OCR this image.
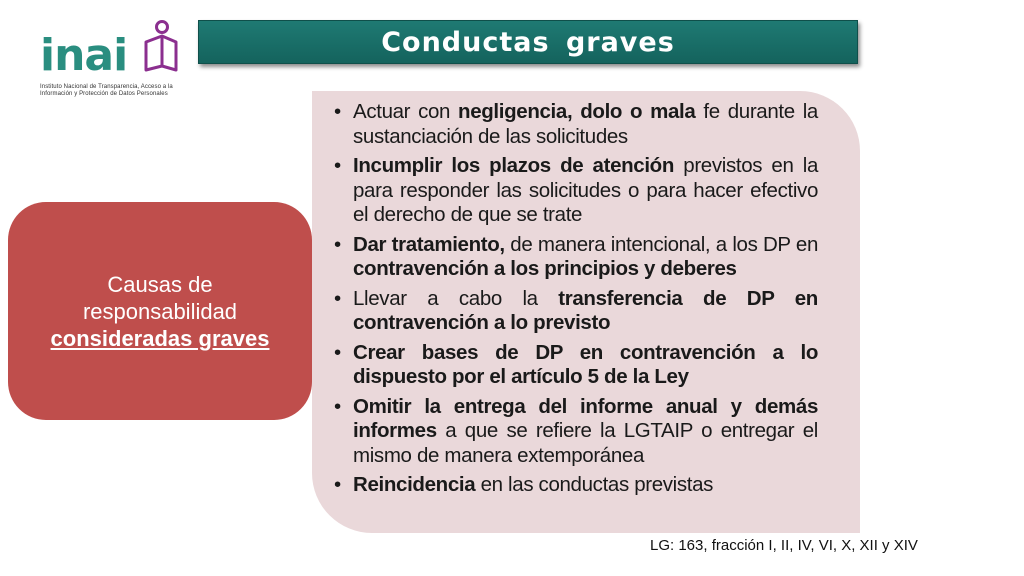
inai
Instituto Nacional de Transparencia, Acceso a la Información y Protección de Datos Personales
Conductas graves
• Actuar con negligencia, dolo o mala fe durante la sustanciación de las solicitudes
• Incumplir los plazos de atención previstos en la para responder las solicitudes o para hacer efectivo el derecho de que se trate
• Dar tratamiento, de manera intencional, a los DP en contravención a los principios y deberes
• Llevar a cabo la transferencia de DP en contravención a lo previsto
• Crear bases de DP en contravención a lo dispuesto por el artículo 5 de la Ley
• Omitir la entrega del informe anual y demás informes a que se refiere la LGTAIP o entregar el mismo de manera extemporánea
• Reincidencia en las conductas previstas
Causas de
responsabilidad
consideradas graves
LG: 163, fracción I, II, IV, VI, X, XII y XIV
